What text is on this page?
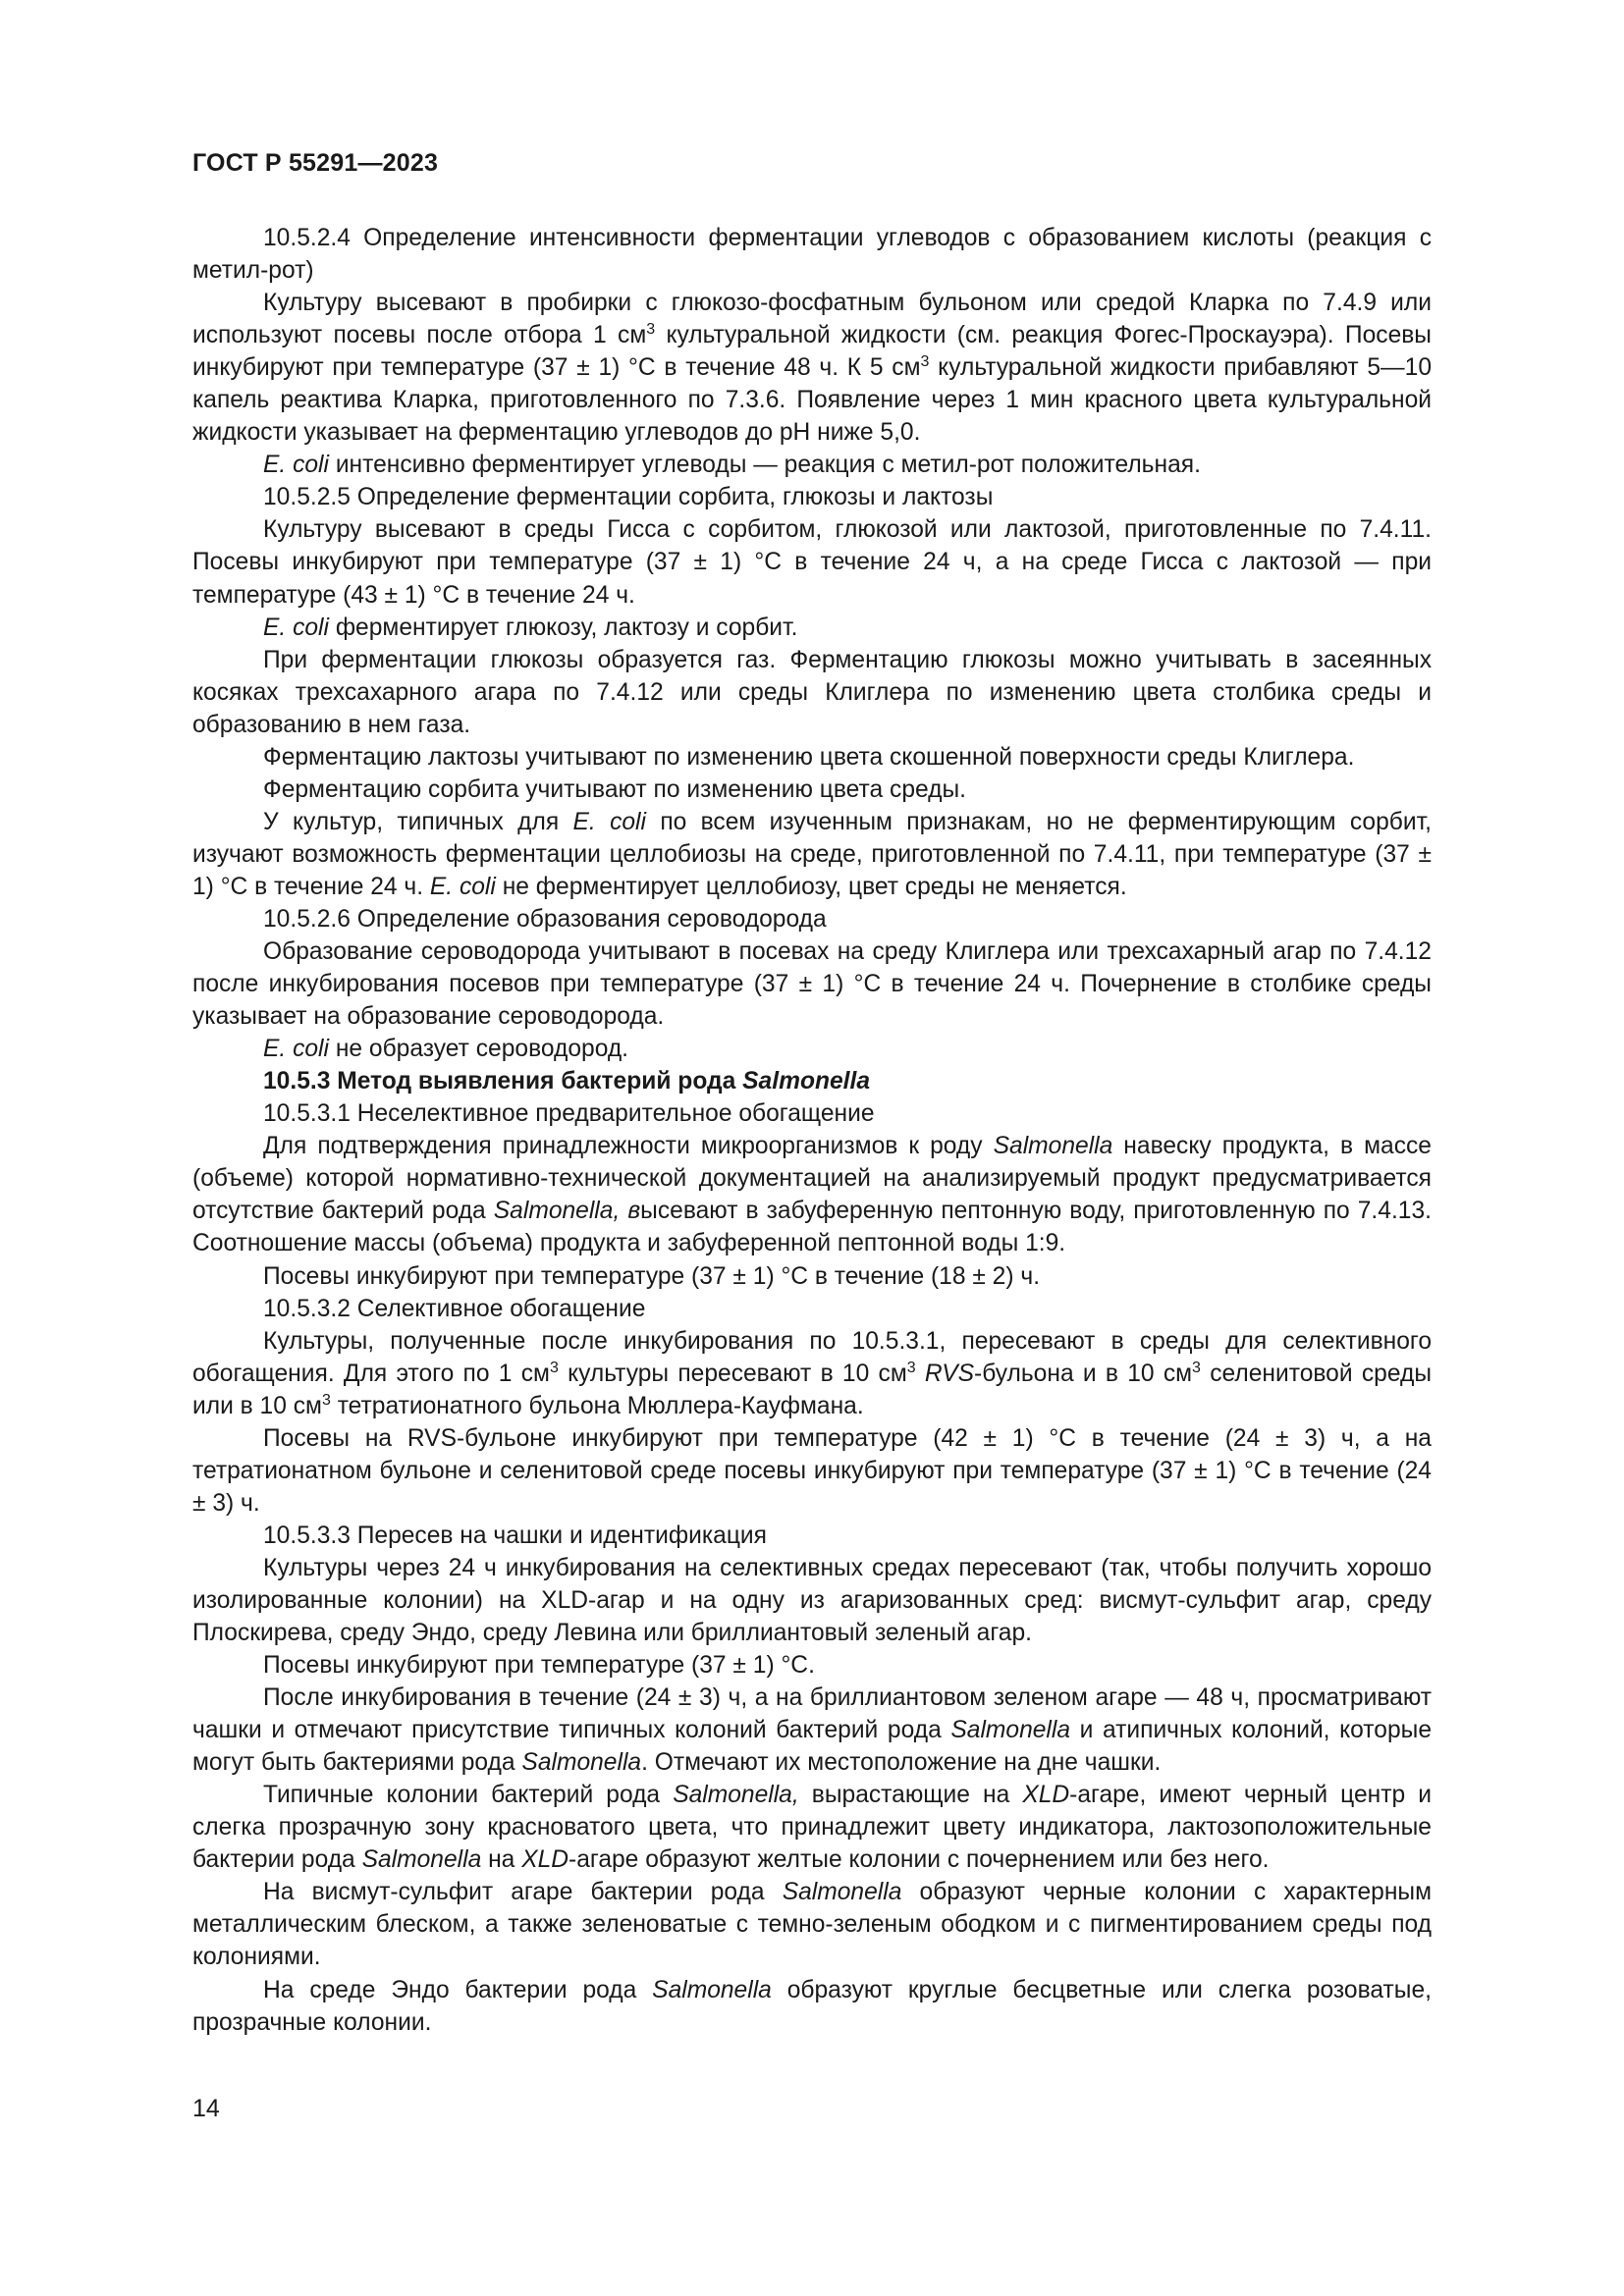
ГОСТ Р 55291—2023

10.5.2.4 Определение интенсивности ферментации углеводов с образованием кислоты (реакция с метил-рот)

Культуру высевают в пробирки с глюкозо-фосфатным бульоном или средой Кларка по 7.4.9 или используют посевы после отбора 1 $см^3$ культуральной жидкости (см. реакция Фогес-Проскауэра). Посевы инкубируют при температуре (37 ± 1) °C в течение 48 ч. К 5 $см^3$ культуральной жидкости прибавляют 5—10 капель реактива Кларка, приготовленного по 7.3.6. Появление через 1 мин красного цвета культуральной жидкости указывает на ферментацию углеводов до pH ниже 5,0.

E. coli интенсивно ферментирует углеводы — реакция с метил-рот положительная.

10.5.2.5 Определение ферментации сорбита, глюкозы и лактозы

Культуру высевают в среды Гисса с сорбитом, глюкозой или лактозой, приготовленные по 7.4.11. Посевы инкубируют при температуре (37 ± 1) °C в течение 24 ч, а на среде Гисса с лактозой — при температуре (43 ± 1) °C в течение 24 ч.

E. coli ферментирует глюкозу, лактозу и сорбит.

При ферментации глюкозы образуется газ. Ферментацию глюкозы можно учитывать в засеянных косяках трехсахарного агара по 7.4.12 или среды Клиглера по изменению цвета столбика среды и образованию в нем газа.

Ферментацию лактозы учитывают по изменению цвета скошенной поверхности среды Клиглера.

Ферментацию сорбита учитывают по изменению цвета среды.

У культур, типичных для E. coli по всем изученным признакам, но не ферментирующим сорбит, изучают возможность ферментации целлобиозы на среде, приготовленной по 7.4.11, при температуре (37 ± 1) °C в течение 24 ч. E. coli не ферментирует целлобиозу, цвет среды не меняется.

10.5.2.6 Определение образования сероводорода

Образование сероводорода учитывают в посевах на среду Клиглера или трехсахарный агар по 7.4.12 после инкубирования посевов при температуре (37 ± 1) °C в течение 24 ч. Почернение в столбике среды указывает на образование сероводорода.

E. coli не образует сероводород.

10.5.3 Метод выявления бактерий рода Salmonella

10.5.3.1 Неселективное предварительное обогащение

Для подтверждения принадлежности микроорганизмов к роду Salmonella навеску продукта, в массе (объеме) которой нормативно-технической документацией на анализируемый продукт предусматривается отсутствие бактерий рода Salmonella, высевают в забуференную пептонную воду, приготовленную по 7.4.13. Соотношение массы (объема) продукта и забуференной пептонной воды 1:9.

Посевы инкубируют при температуре (37 ± 1) °C в течение (18 ± 2) ч.

10.5.3.2 Селективное обогащение

Культуры, полученные после инкубирования по 10.5.3.1, пересевают в среды для селективного обогащения. Для этого по 1 $см^3$ культуры пересевают в 10 $см^3$ RVS-бульона и в 10 $см^3$ селенитовой среды или в 10 $см^3$ тетратионатного бульона Мюллера-Кауфмана.

Посевы на RVS-бульоне инкубируют при температуре (42 ± 1) °C в течение (24 ± 3) ч, а на тетратионатном бульоне и селенитовой среде посевы инкубируют при температуре (37 ± 1) °C в течение (24 ± 3) ч.

10.5.3.3 Пересев на чашки и идентификация

Культуры через 24 ч инкубирования на селективных средах пересевают (так, чтобы получить хорошо изолированные колонии) на XLD-агар и на одну из агаризованных сред: висмут-сульфит агар, среду Плоскирева, среду Эндо, среду Левина или бриллиантовый зеленый агар.

Посевы инкубируют при температуре (37 ± 1) °C.

После инкубирования в течение (24 ± 3) ч, а на бриллиантовом зеленом агаре — 48 ч, просматривают чашки и отмечают присутствие типичных колоний бактерий рода Salmonella и атипичных колоний, которые могут быть бактериями рода Salmonella. Отмечают их местоположение на дне чашки.

Типичные колонии бактерий рода Salmonella, вырастающие на XLD-агаре, имеют черный центр и слегка прозрачную зону красноватого цвета, что принадлежит цвету индикатора, лактозоположительные бактерии рода Salmonella на XLD-агаре образуют желтые колонии с почернением или без него.

На висмут-сульфит агаре бактерии рода Salmonella образуют черные колонии с характерным металлическим блеском, а также зеленоватые с темно-зеленым ободком и с пигментированием среды под колониями.

На среде Эндо бактерии рода Salmonella образуют круглые бесцветные или слегка розоватые, прозрачные колонии.

14
